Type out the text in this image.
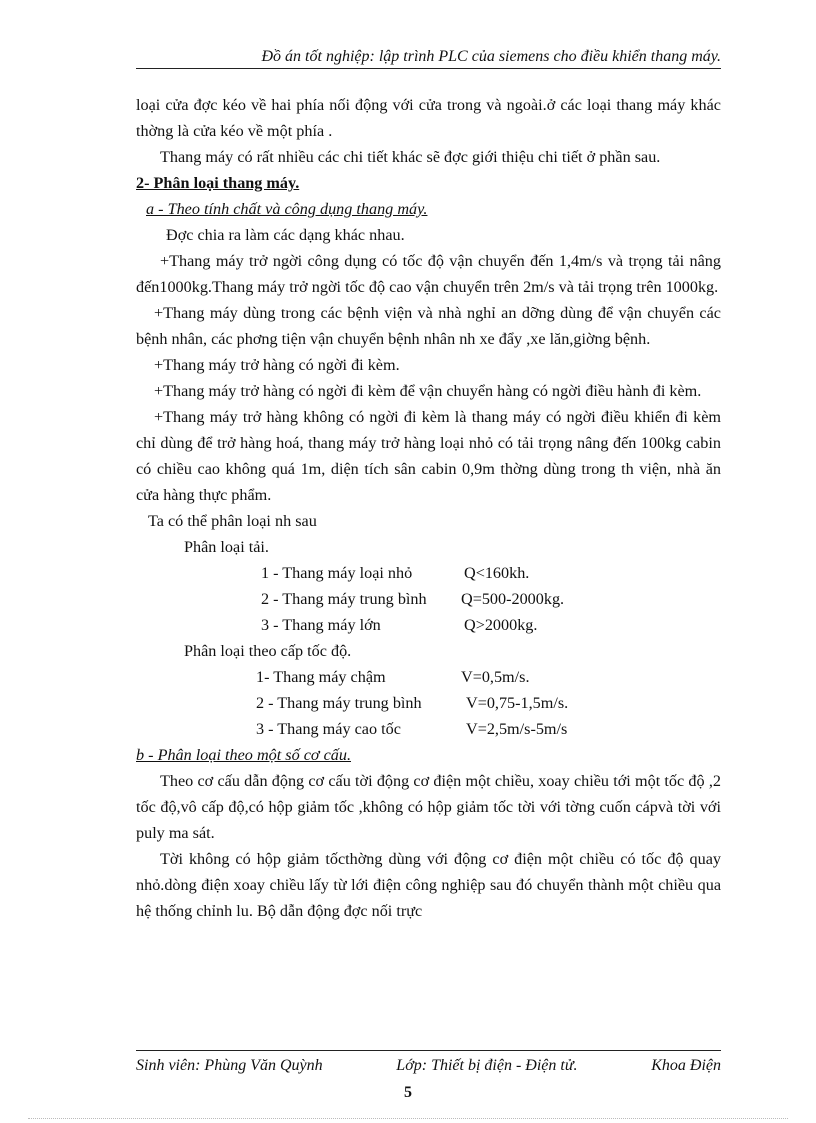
Đồ án tốt nghiệp: lập trình PLC của siemens cho điều khiển thang máy.

loại cửa đợc kéo về hai phía nối động với cửa trong và ngoài.ở các loại thang máy khác thờng là cửa kéo về một phía .

Thang máy có rất nhiều các chi tiết khác sẽ đợc giới thiệu chi tiết ở phần sau.

2- Phân loại thang máy.

a - Theo tính chất và công dụng thang máy.

Đợc chia ra làm các dạng khác nhau.

+Thang máy trở ngời công dụng có tốc độ vận chuyển đến 1,4m/s và trọng tải nâng đến1000kg.Thang máy trở ngời tốc độ cao vận chuyển trên 2m/s và tải trọng trên 1000kg.

+Thang máy dùng trong các bệnh viện và nhà nghỉ an dỡng dùng để vận chuyển các bệnh nhân, các phơng tiện vận chuyển bệnh nhân nh xe đẩy ,xe lăn,giờng bệnh.

+Thang máy trở hàng có ngời đi kèm.

+Thang máy trở hàng có ngời đi kèm để vận chuyển hàng có ngời điều hành đi kèm.

+Thang máy trở hàng không có ngời đi kèm là thang máy có ngời điều khiển đi kèm chỉ dùng để trở hàng hoá, thang máy trở hàng loại nhỏ có tải trọng nâng đến 100kg cabin có chiều cao không quá 1m, diện tích sân cabin 0,9m thờng dùng trong th viện, nhà ăn cửa hàng thực phẩm.

Ta có thể phân loại nh sau

Phân loại tải.
1 - Thang máy loại nhỏ	Q<160kh.
2 - Thang máy trung bình Q=500-2000kg.
3 - Thang máy lớn	Q>2000kg.
Phân loại theo cấp tốc độ.
1- Thang máy chậm	V=0,5m/s.
2 - Thang máy trung bình	V=0,75-1,5m/s.
3 - Thang máy cao tốc	V=2,5m/s-5m/s

b - Phân loại theo một số cơ cấu.

Theo cơ cấu dẫn động cơ cấu tời động cơ điện một chiều, xoay chiều tới một tốc độ ,2 tốc độ,vô cấp độ,có hộp giảm tốc ,không có hộp giảm tốc tời với tờng cuốn cápvà tời với puly ma sát.

Tời không có hộp giảm tốcthờng dùng với động cơ điện một chiều có tốc độ quay nhỏ.dòng điện xoay chiều lấy từ lới điện công nghiệp sau đó chuyển thành một chiều qua hệ thống chỉnh lu. Bộ dẫn động đợc nối trực

Sinh viên: Phùng Văn Quỳnh	Lớp: Thiết bị điện - Điện tử.	Khoa Điện
5
